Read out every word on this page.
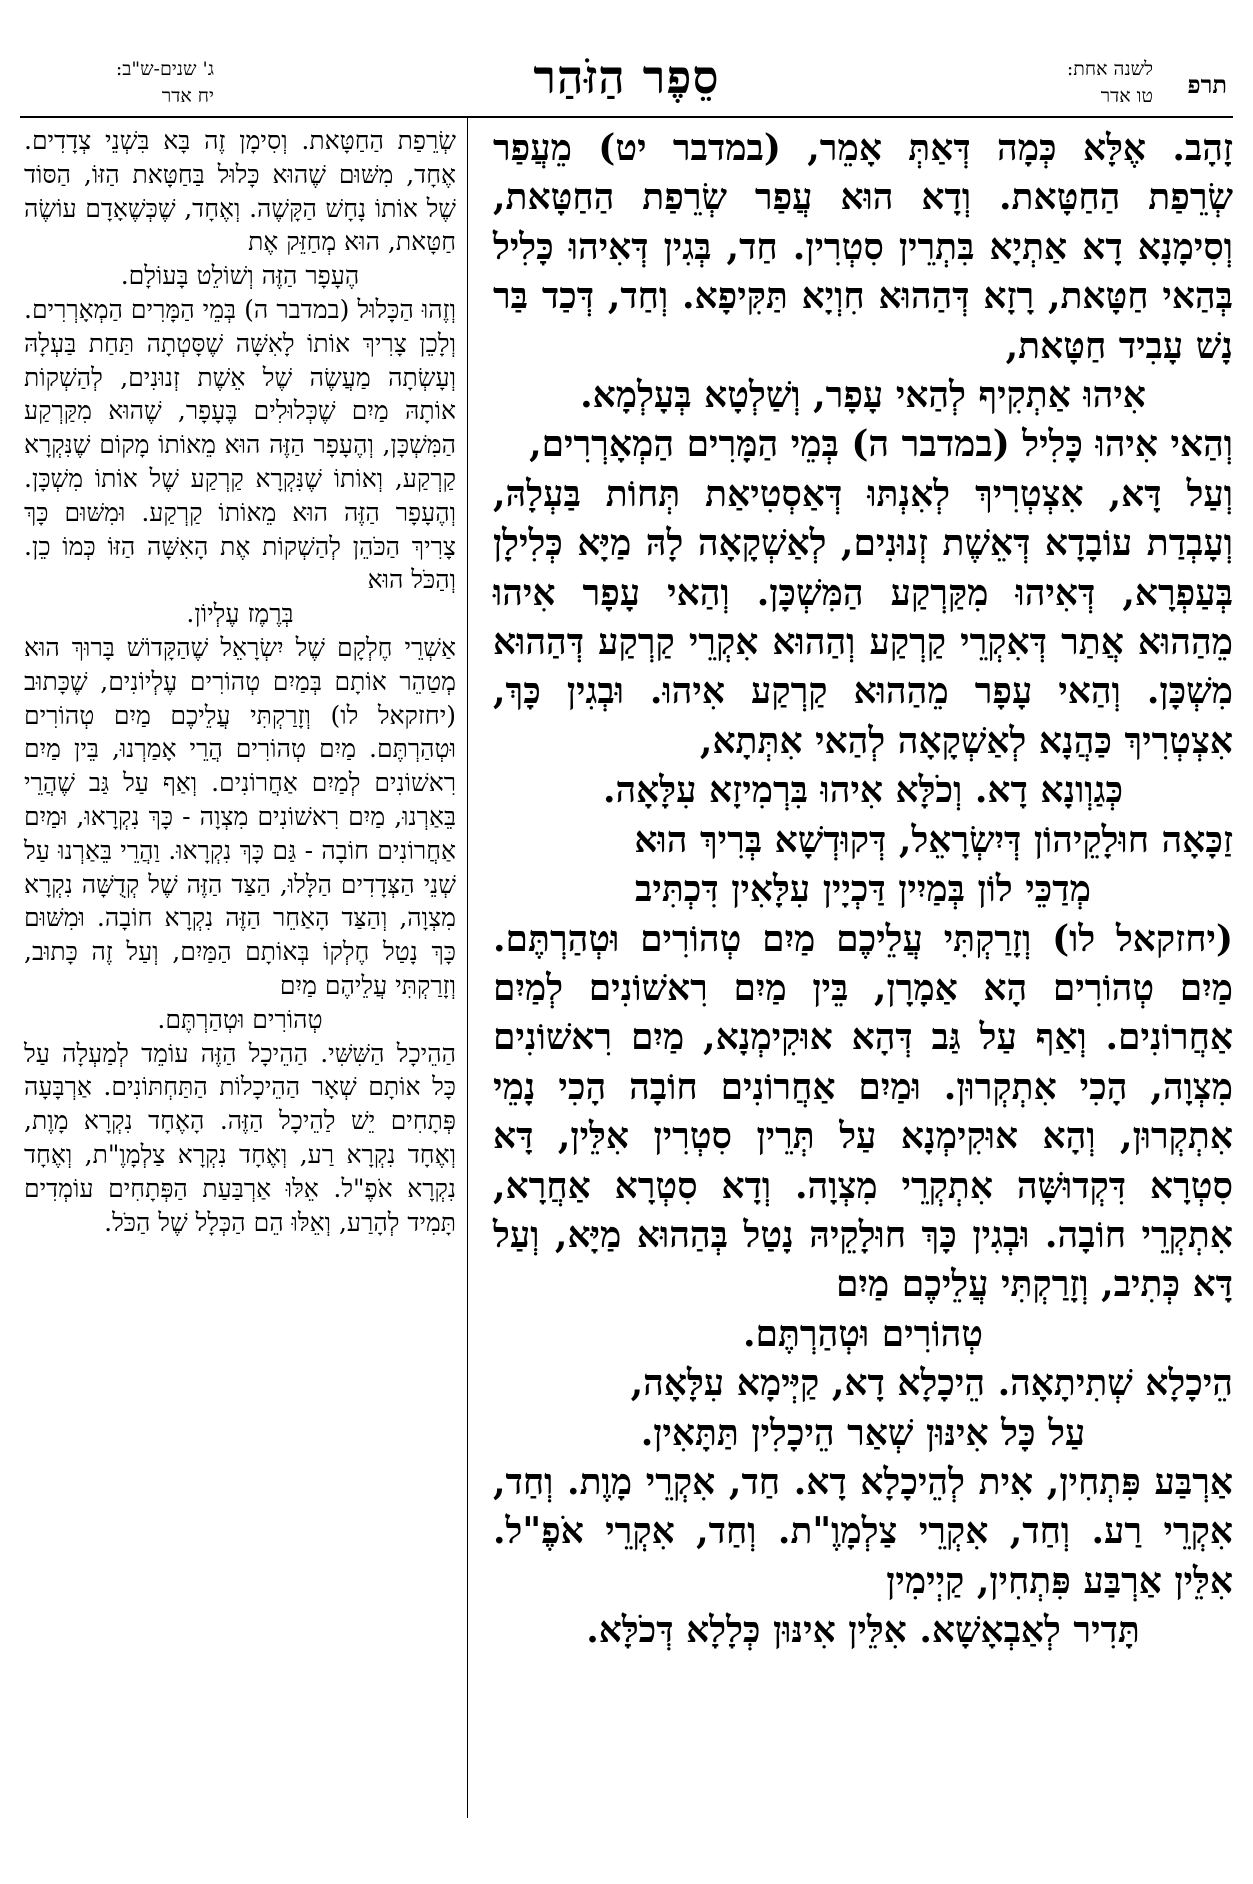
תרפ
לשנה אחת:
טו אדר
סֵפֶר הַזֹּהַר
ג' שנים-ש"ב:
יח אדר

זָהָב. אֶלָּא כְּמָה דְּאַתְּ אָמֵר, (במדבר יט) מֵעֲפַר שְׂרֵפַת הַחַטָּאת. וְדָא הוּא עֲפַר שְׂרֵפַת הַחַטָּאת, וְסִימָנָא דָא אַתְיָא בִּתְרֵין סִטְרִין. חַד, בְּגִין דְּאִיהוּ כָּלִיל בְּהַאי חַטָּאת, רָזָא דְּהַהוּא חִוְיָא תַּקִּיפָא. וְחַד, דְּכַד בַּר נָשׁ עָבִיד חַטָּאת,

אִיהוּ אַתְקִיף לְהַאי עָפָר, וְשַׁלְטָא בְּעָלְמָא.

וְהַאי אִיהוּ כָּלִיל (במדבר ה) בְּמֵי הַמָּרִים הַמְאָרְרִים,

וְעַל דָּא, אִצְטְרִיךְ לְאִנְתּוּ דְּאַסְטִיאַת תְּחוֹת בַּעְלָהּ, וְעָבְדַת עוֹבָדָא דְּאֵשֶׁת זְנוּנִים, לְאַשְׁקָאָה לָהּ מַיָּא כְּלִילָן בְּעַפְרָא, דְּאִיהוּ מִקַּרְקַע הַמִּשְׁכָּן. וְהַאי עָפָר אִיהוּ מֵהַהוּא אֲתַר דְּאִקְרֵי קַרְקַע וְהַהוּא אִקְרֵי קַרְקַע דְּהַהוּא מִשְׁכָּן. וְהַאי עָפָר מֵהַהוּא קַרְקַע אִיהוּ. וּבְגִין כָּךְ, אִצְטְרִיךְ כַּהֲנָא לְאַשְׁקָאָה לְהַאי אִתְּתָא,

כְּגַוְונָא דָא. וְכֹלָּא אִיהוּ בִּרְמִיזָא עִלָּאָה.

זַכָּאָה חוּלָקֵיהוֹן דְּיִשְׂרָאֵל, דְּקוּדְשָׁא בְּרִיךְ הוּא

מְדַכֵּי לוֹן בְּמַיִין דַּכְיָין עִלָּאִין דִּכְתִּיב

(יחזקאל לו) וְזָרַקְתִּי עֲלֵיכֶם מַיִם טְהוֹרִים וּטְהַרְתֶּם. מַיִם טְהוֹרִים הָא אַמָרָן, בֵּין מַיִם רִאשׁוֹנִים לְמַיִם אַחֲרוֹנִים. וְאַף עַל גַּב דְּהָא אוּקִימְנָא, מַיִם רִאשׁוֹנִים מִצְוָה, הָכִי אִתְקְרוּן. וּמַיִם אַחֲרוֹנִים חוֹבָה הָכִי נָמֵי אִתְקְרוּן, וְהָא אוּקִימְנָא עַל תְּרֵין סִטְרִין אִלֵּין, דָּא סִטְרָא דִּקְדוּשָּׁה אִתְקְרֵי מִצְוָה. וְדָא סִטְרָא אַחֲרָא, אִתְקְרֵי חוֹבָה. וּבְגִין כָּךְ חוּלָקֵיהּ נָטַל בְּהַהוּא מַיָּא, וְעַל דָּא כְּתִיב, וְזָרַקְתִּי עֲלֵיכֶם מַיִם

טְהוֹרִים וּטְהַרְתֶּם.

הֵיכָלָא שְׁתִיתָאָה. הֵיכָלָא דָא, קַיְּימָא עִלָּאָה,

עַל כָּל אִינּוּן שְׁאַר הֵיכָלִין תַּתָּאִין.

אַרְבַּע פִּתְחִין, אִית לְהֵיכָלָא דָא. חַד, אִקְרֵי מָוֶת. וְחַד, אִקְרֵי רַע. וְחַד, אִקְרֵי צַלְמָוֶ"ת. וְחַד, אִקְרֵי אֹפֶ"ל. אִלֵּין אַרְבַּע פִּתְחִין, קַיְימִין

תָּדִיר לְאַבְאָשָׁא. אִלֵּין אִינּוּן כְּלָלָא דְּכֹלָּא.

שְׂרֵפַת הַחַטָּאת. וְסִימָן זֶה בָּא בִּשְׁנֵי צְדָדִים. אֶחָד, מִשּׁוּם שֶׁהוּא כָּלוּל בַּחַטָּאת הַזּוֹ, הַסּוֹד שֶׁל אוֹתוֹ נָחָשׁ הַקָּשֶׁה. וְאֶחָד, שֶׁכְּשֶׁאָדָם עוֹשֶׂה חַטָּאת, הוּא מְחַזֵּק אֶת

הֶעָפָר הַזֶּה וְשׁוֹלֵט בָּעוֹלָם.

וְזֶהוּ הַכָּלוּל (במדבר ה) בְּמֵי הַמָּרִים הַמְאָרְרִים. וְלָכֵן צָרִיךְ אוֹתוֹ לָאִשָּׁה שֶׁסָּטְתָה תַּחַת בַּעְלָהּ וְעָשְׂתָה מַעֲשֶׂה שֶׁל אֵשֶׁת זְנוּנִים, לְהַשְׁקוֹת אוֹתָהּ מַיִם שֶׁכְּלוּלִים בֶּעָפָר, שֶׁהוּא מִקַּרְקַע הַמִּשְׁכָּן, וְהֶעָפָר הַזֶּה הוּא מֵאוֹתוֹ מָקוֹם שֶׁנִּקְרָא קַרְקַע, וְאוֹתוֹ שֶׁנִּקְרָא קַרְקַע שֶׁל אוֹתוֹ מִשְׁכָּן. וְהֶעָפָר הַזֶּה הוּא מֵאוֹתוֹ קַרְקַע. וּמִשּׁוּם כָּךְ צָרִיךְ הַכֹּהֵן לְהַשְׁקוֹת אֶת הָאִשָּׁה הַזּוֹ כְּמוֹ כֵן. וְהַכֹּל הוּא

בְּרֶמֶז עֶלְיוֹן.

אַשְׁרֵי חֶלְקָם שֶׁל יִשְׂרָאֵל שֶׁהַקָּדוֹשׁ בָּרוּךְ הוּא מְטַהֵר אוֹתָם בְּמַיִם טְהוֹרִים עֶלְיוֹנִים, שֶׁכָּתוּב (יחזקאל לו) וְזָרַקְתִּי עֲלֵיכֶם מַיִם טְהוֹרִים וּטְהַרְתֶּם. מַיִם טְהוֹרִים הֲרֵי אָמַרְנוּ, בֵּין מַיִם רִאשׁוֹנִים לְמַיִם אַחֲרוֹנִים. וְאַף עַל גַּב שֶׁהֲרֵי בֵּאַרְנוּ, מַיִם רִאשׁוֹנִים מִצְוָה - כָּךְ נִקְרָאוּ, וּמַיִם אַחֲרוֹנִים חוֹבָה - גַּם כָּךְ נִקְרָאוּ. וַהֲרֵי בֵּאַרְנוּ עַל שְׁנֵי הַצְּדָדִים הַלָּלוּ, הַצַּד הַזֶּה שֶׁל קְדֻשָּׁה נִקְרָא מִצְוָה, וְהַצַּד הָאַחֵר הַזֶּה נִקְרָא חוֹבָה. וּמִשּׁוּם כָּךְ נָטַל חֶלְקוֹ בְּאוֹתָם הַמַּיִם, וְעַל זֶה כָּתוּב, וְזָרַקְתִּי עֲלֵיהֶם מַיִם

טְהוֹרִים וּטְהַרְתֶּם.

הַהֵיכָל הַשִּׁשִּׁי. הַהֵיכָל הַזֶּה עוֹמֵד לְמַעְלָה עַל כָּל אוֹתָם שְׁאָר הַהֵיכָלוֹת הַתַּחְתּוֹנִים. אַרְבָּעָה פְּתָחִים יֵשׁ לַהֵיכָל הַזֶּה. הָאֶחָד נִקְרָא מָוֶת, וְאֶחָד נִקְרָא רַע, וְאֶחָד נִקְרָא צַלְמָוֶ"ת, וְאֶחָד נִקְרָא אֹפֶ"ל. אֵלּוּ אַרְבַּעַת הַפְּתָחִים עוֹמְדִים תָּמִיד לְהָרַע, וְאֵלּוּ הֵם הַכְּלָל שֶׁל הַכֹּל.
